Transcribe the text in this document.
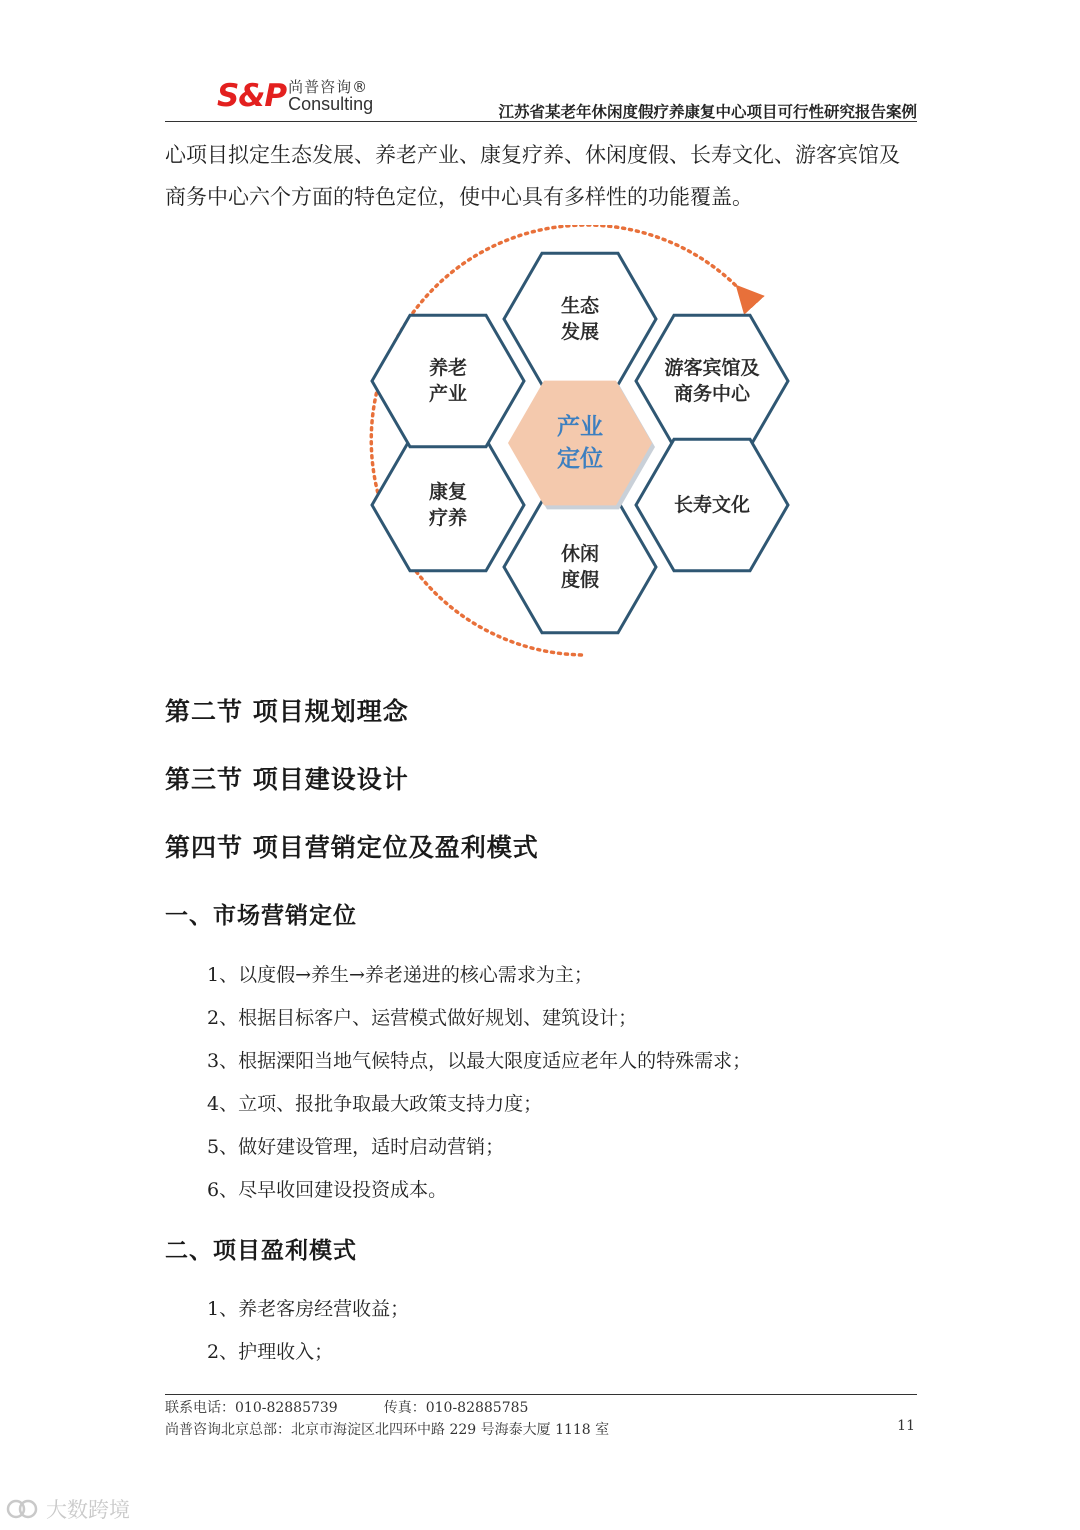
S&P 尚普咨询®
Consulting	江苏省某老年休闲度假疗养康复中心项目可行性研究报告案例
心项目拟定生态发展、养老产业、康复疗养、休闲度假、长寿文化、游客宾馆及
商务中心六个方面的特色定位，使中心具有多样性的功能覆盖。
生态
发展
游客宾馆及
商务中心
长寿文化
休闲
度假
康复
疗养
养老
产业
产业
定位
第二节 项目规划理念
第三节 项目建设设计
第四节 项目营销定位及盈利模式
一、市场营销定位
1、以度假→养生→养老递进的核心需求为主；
2、根据目标客户、运营模式做好规划、建筑设计；
3、根据溧阳当地气候特点，以最大限度适应老年人的特殊需求；
4、立项、报批争取最大政策支持力度；
5、做好建设管理，适时启动营销；
6、尽早收回建设投资成本。
二、项目盈利模式
1、养老客房经营收益；
2、护理收入；
联系电话：010-82885739	传真：010-82885785
尚普咨询北京总部：北京市海淀区北四环中路 229 号海泰大厦 1118 室	11
大数跨境
